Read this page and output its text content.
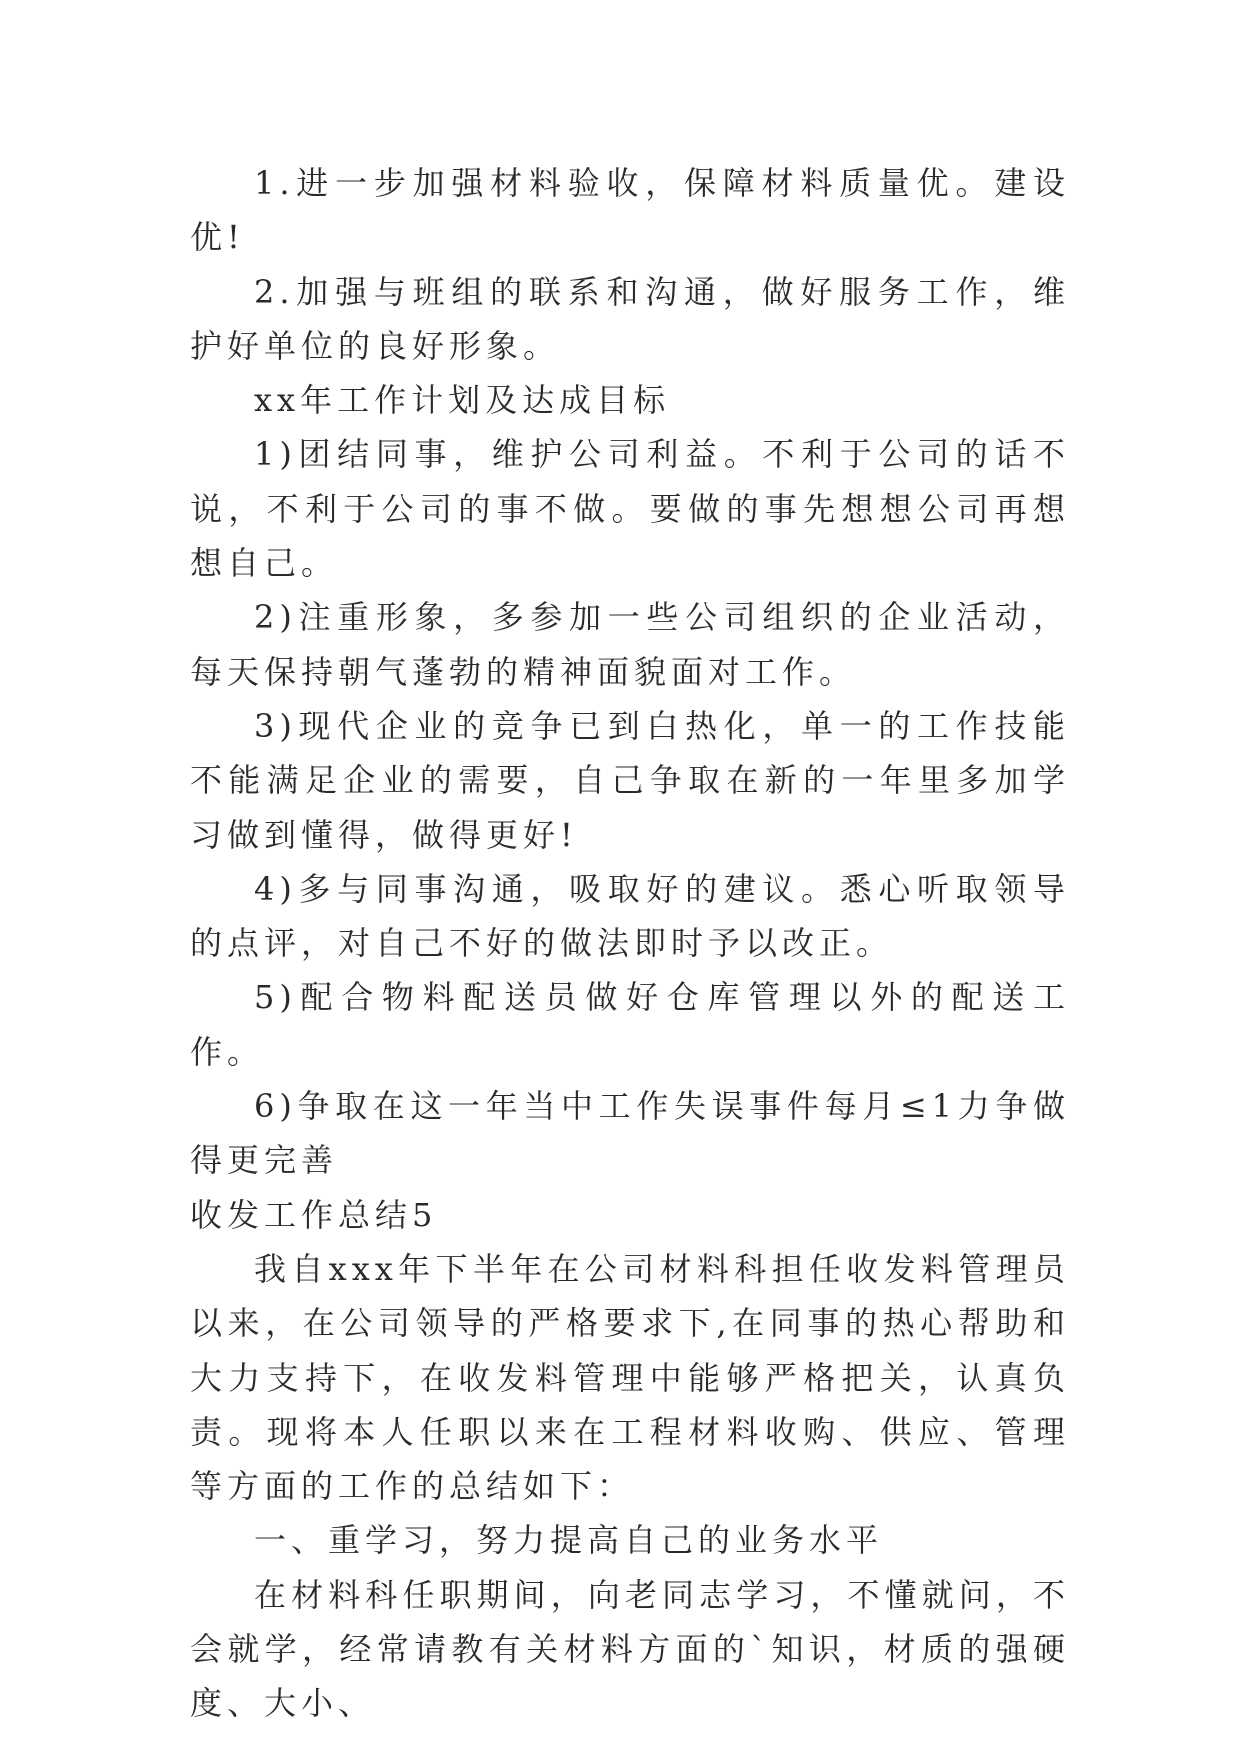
1.进一步加强材料验收，保障材料质量优。建设优!

2.加强与班组的联系和沟通，做好服务工作，维护好单位的良好形象。

xx年工作计划及达成目标

1)团结同事，维护公司利益。不利于公司的话不说，不利于公司的事不做。要做的事先想想公司再想想自己。

2)注重形象，多参加一些公司组织的企业活动，每天保持朝气蓬勃的精神面貌面对工作。

3)现代企业的竞争已到白热化，单一的工作技能不能满足企业的需要，自己争取在新的一年里多加学习做到懂得，做得更好!

4)多与同事沟通，吸取好的建议。悉心听取领导的点评，对自己不好的做法即时予以改正。

5)配合物料配送员做好仓库管理以外的配送工作。

6)争取在这一年当中工作失误事件每月≤1力争做得更完善

收发工作总结5

我自xxx年下半年在公司材料科担任收发料管理员以来，在公司领导的严格要求下,在同事的热心帮助和大力支持下，在收发料管理中能够严格把关，认真负责。现将本人任职以来在工程材料收购、供应、管理等方面的工作的总结如下：

一、重学习，努力提高自己的业务水平

在材料科任职期间，向老同志学习，不懂就问，不会就学，经常请教有关材料方面的`知识，材质的强硬度、大小、
